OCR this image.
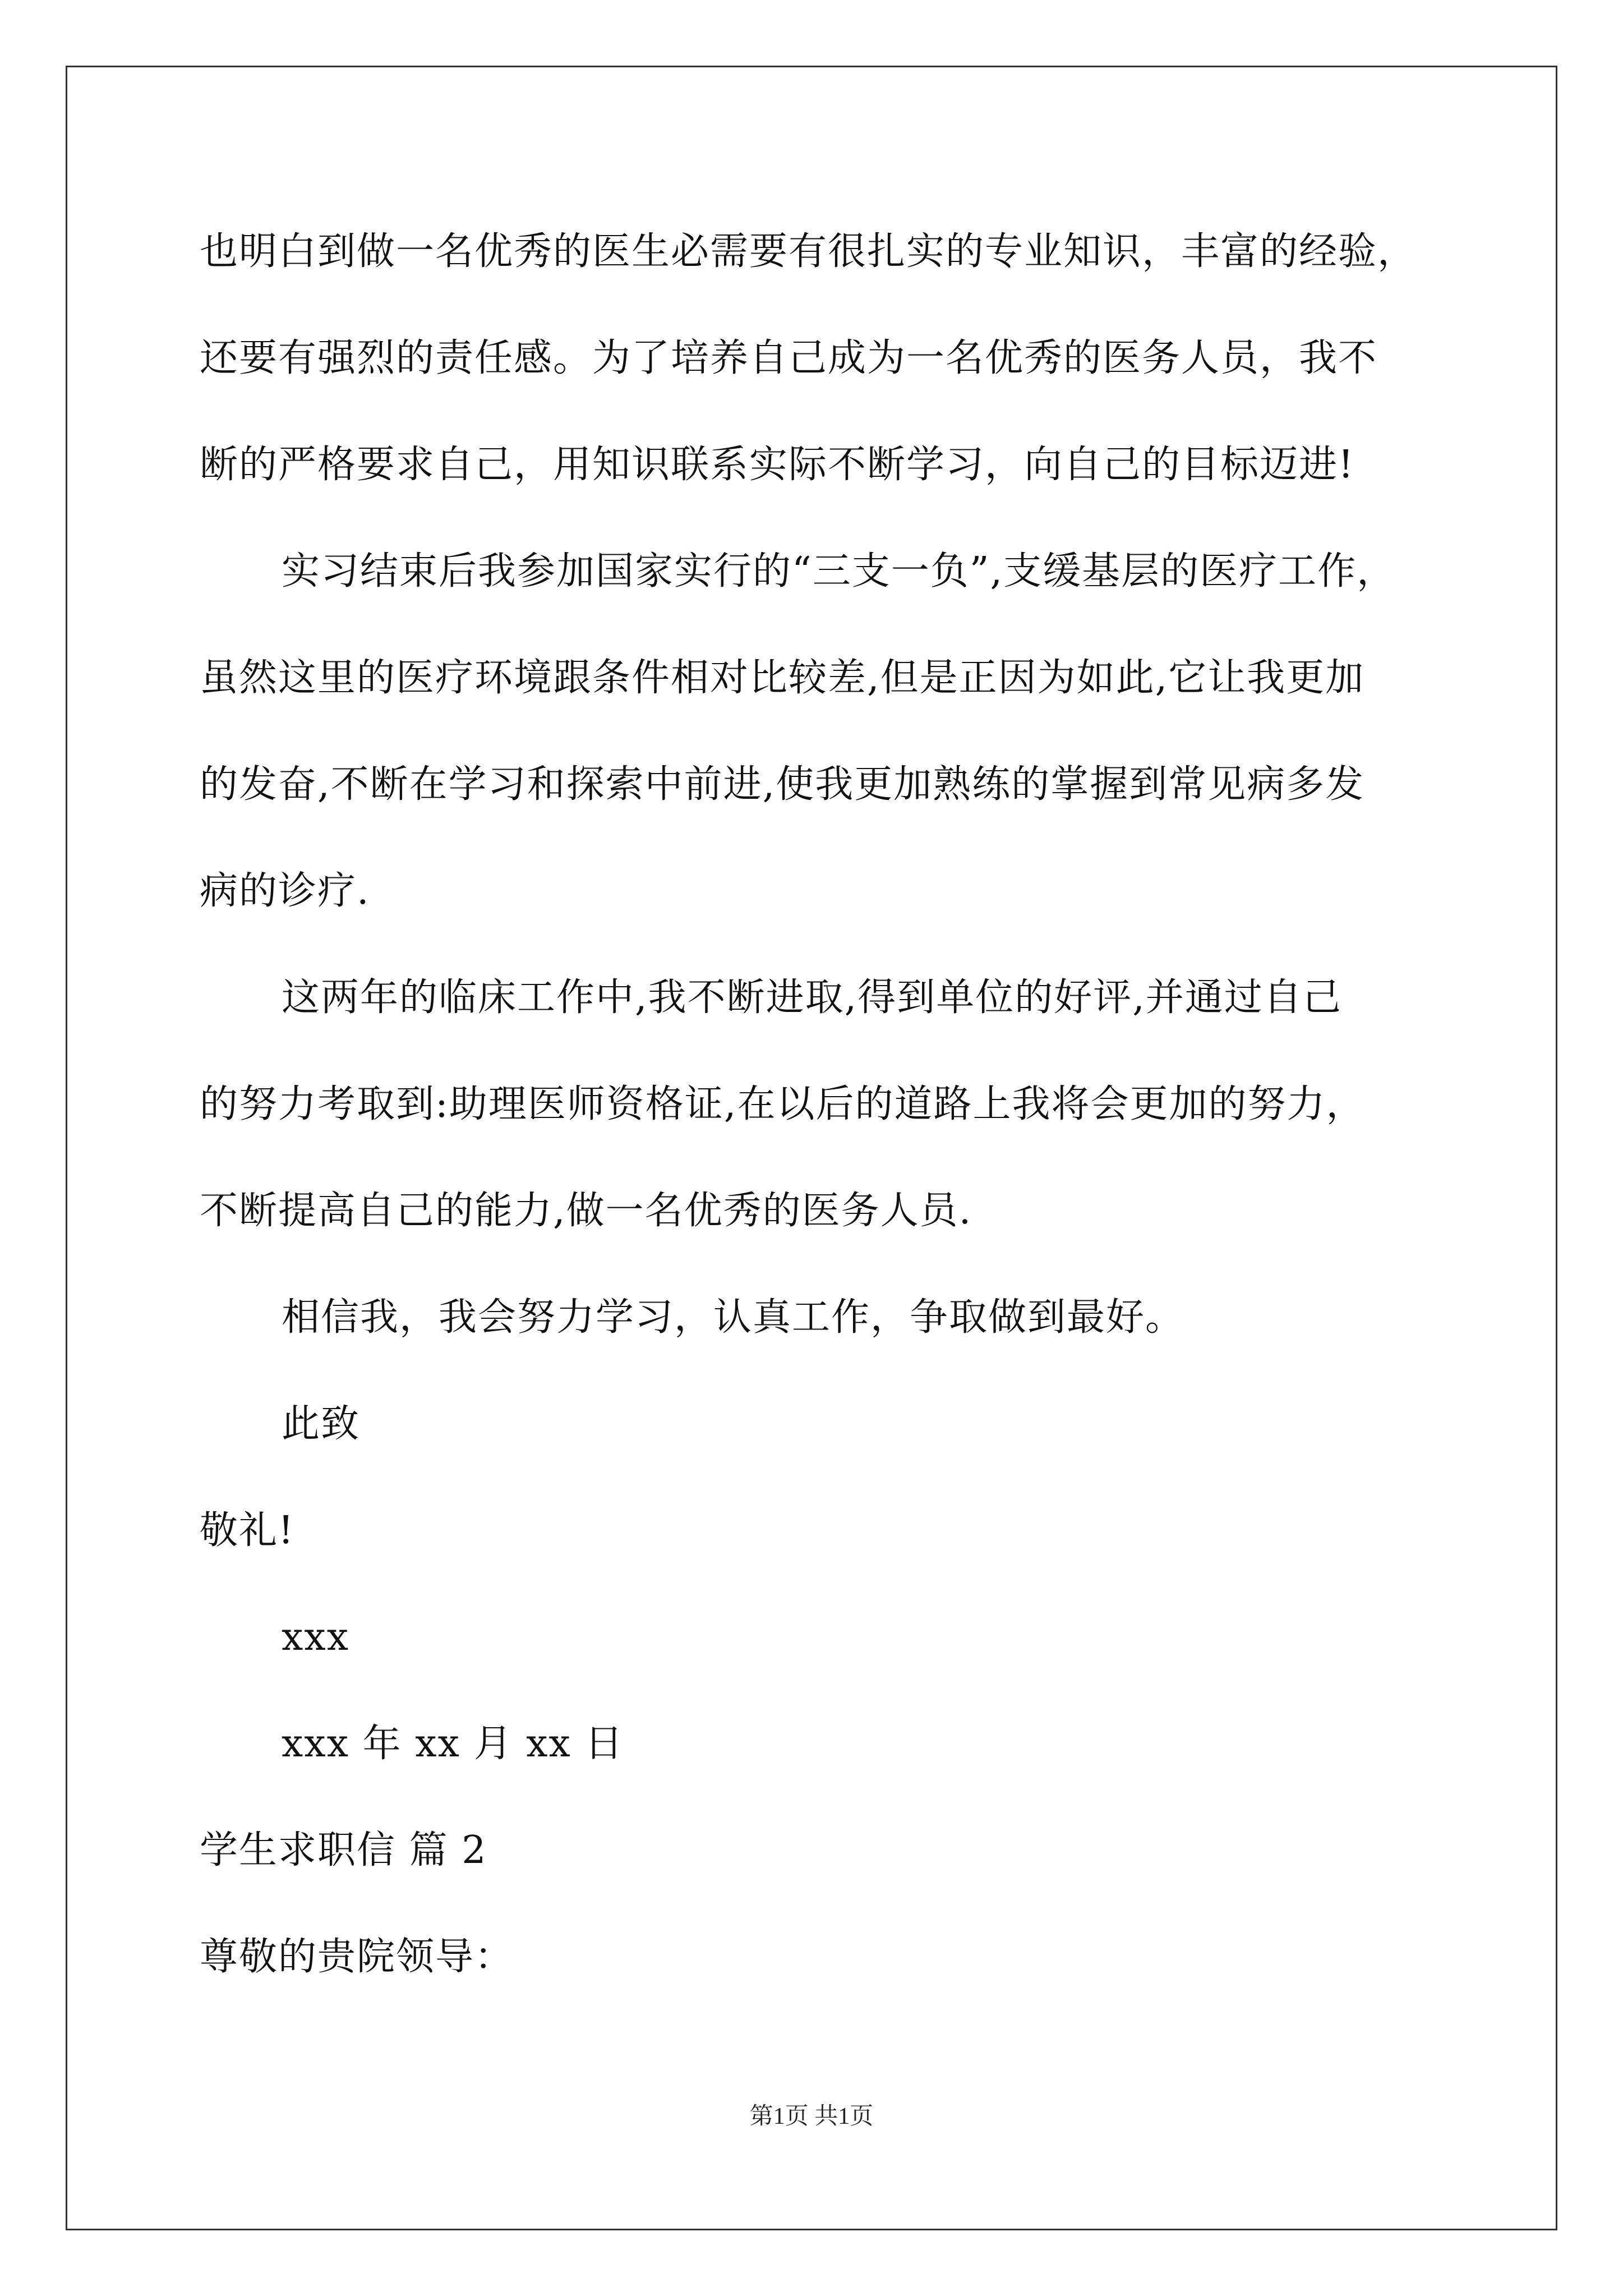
也明白到做一名优秀的医生必需要有很扎实的专业知识，丰富的经验，
还要有强烈的责任感。为了培养自己成为一名优秀的医务人员，我不
断的严格要求自己，用知识联系实际不断学习，向自己的目标迈进!
实习结束后我参加国家实行的“三支一负”,支缓基层的医疗工作，
虽然这里的医疗环境跟条件相对比较差,但是正因为如此,它让我更加
的发奋,不断在学习和探索中前进,使我更加熟练的掌握到常见病多发
病的诊疗.
这两年的临床工作中,我不断进取,得到单位的好评,并通过自己
的努力考取到:助理医师资格证,在以后的道路上我将会更加的努力，
不断提高自己的能力,做一名优秀的医务人员.
相信我，我会努力学习，认真工作，争取做到最好。
此致
敬礼!
xxx
xxx 年 xx 月 xx 日
学生求职信 篇 2
尊敬的贵院领导：
第1页 共1页
